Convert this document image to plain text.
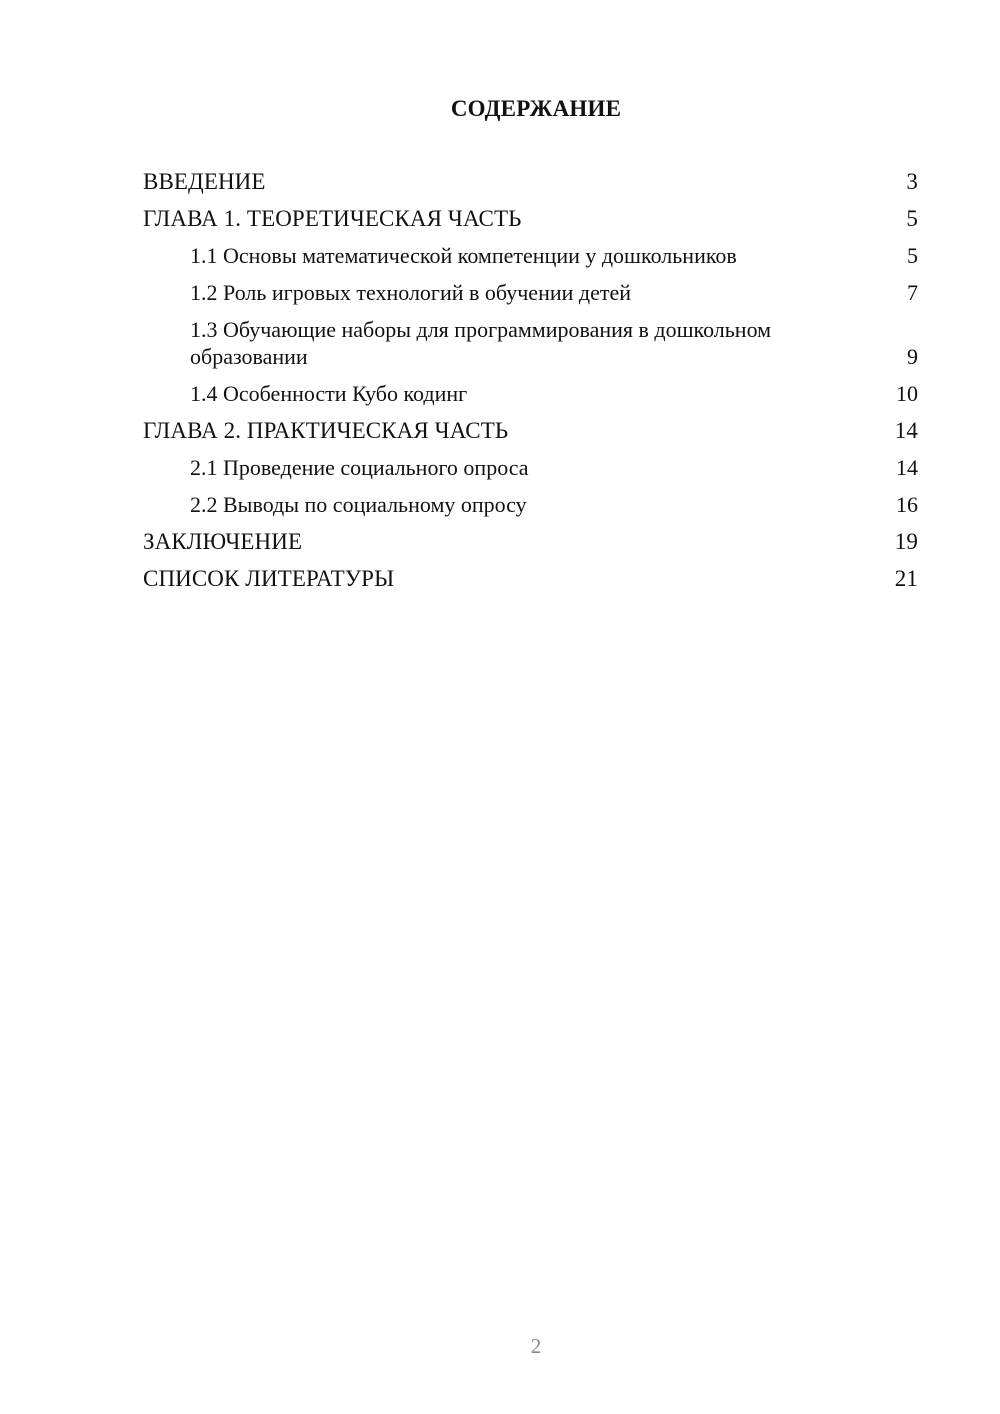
СОДЕРЖАНИЕ
ВВЕДЕНИЕ	3
ГЛАВА 1. ТЕОРЕТИЧЕСКАЯ ЧАСТЬ	5
1.1 Основы математической компетенции у дошкольников	5
1.2 Роль игровых технологий в обучении детей	7
1.3 Обучающие наборы для программирования в дошкольном образовании	9
1.4 Особенности Кубо кодинг	10
ГЛАВА 2. ПРАКТИЧЕСКАЯ ЧАСТЬ	14
2.1 Проведение социального опроса	14
2.2 Выводы по социальному опросу	16
ЗАКЛЮЧЕНИЕ	19
СПИСОК ЛИТЕРАТУРЫ	21
2
